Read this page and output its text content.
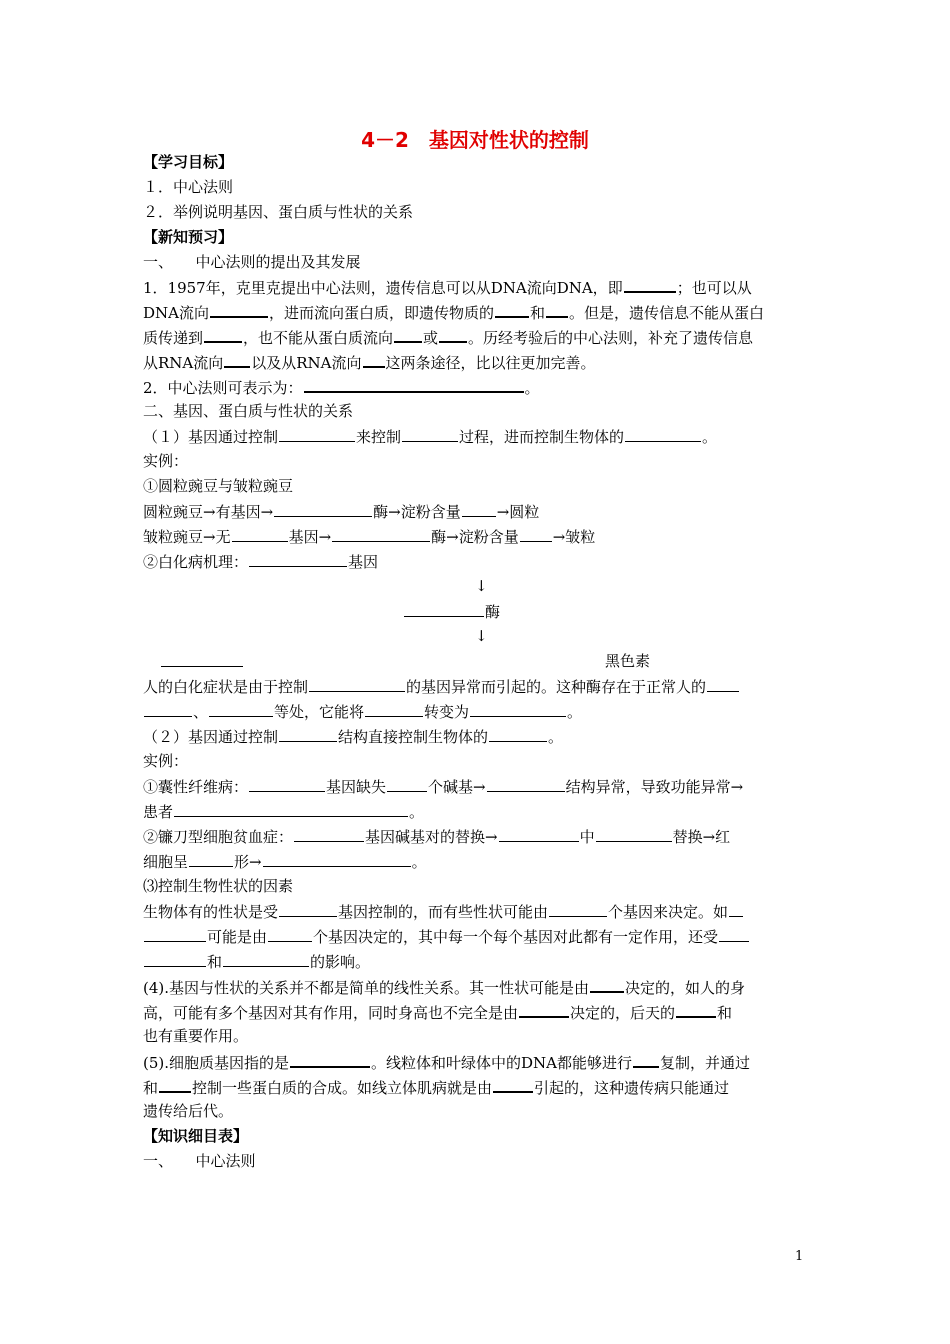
4－2　基因对性状的控制
【学习目标】
１．中心法则
２．举例说明基因、蛋白质与性状的关系
【新知预习】
一、　　中心法则的提出及其发展
1．1957年，克里克提出中心法则，遗传信息可以从DNA流向DNA，即	；也可以从
DNA流向	，进而流向蛋白质，即遗传物质的 和 。但是，遗传信息不能从蛋白
质传递到	，也不能从蛋白质流向 或 。历经考验后的中心法则，补充了遗传信息
从RNA流向 以及从RNA流向 这两条途径，比以往更加完善。
2．中心法则可表示为：	。
二、基因、蛋白质与性状的关系
（１）基因通过控制	来控制	过程，进而控制生物体的	。
实例：
①圆粒豌豆与皱粒豌豆
圆粒豌豆→有基因→	酶→淀粉含量 →圆粒
皱粒豌豆→无	基因→	酶→淀粉含量 →皱粒
②白化病机理：	基因
↓
酶
↓
黑色素
人的白化症状是由于控制	的基因异常而引起的。这种酶存在于正常人的
、	等处，它能将	转变为	。
（２）基因通过控制	结构直接控制生物体的	。
实例：
①囊性纤维病：	基因缺失	个碱基→	结构异常，导致功能异常→
患者	。
②镰刀型细胞贫血症：	基因碱基对的替换→	中	替换→红
细胞呈	形→	。
⑶控制生物性状的因素
生物体有的性状是受	基因控制的，而有些性状可能由	个基因来决定。如
可能是由	个基因决定的，其中每一个每个基因对此都有一定作用，还受
和	的影响。
(4).基因与性状的关系并不都是简单的线性关系。其一性状可能是由 决定的，如人的身
高，可能有多个基因对其有作用，同时身高也不完全是由	决定的，后天的	和
也有重要作用。
(5).细胞质基因指的是	。线粒体和叶绿体中的DNA都能够进行 复制，并通过
和 控制一些蛋白质的合成。如线立体肌病就是由	引起的，这种遗传病只能通过
遗传给后代。
【知识细目表】
一、　　中心法则
1
